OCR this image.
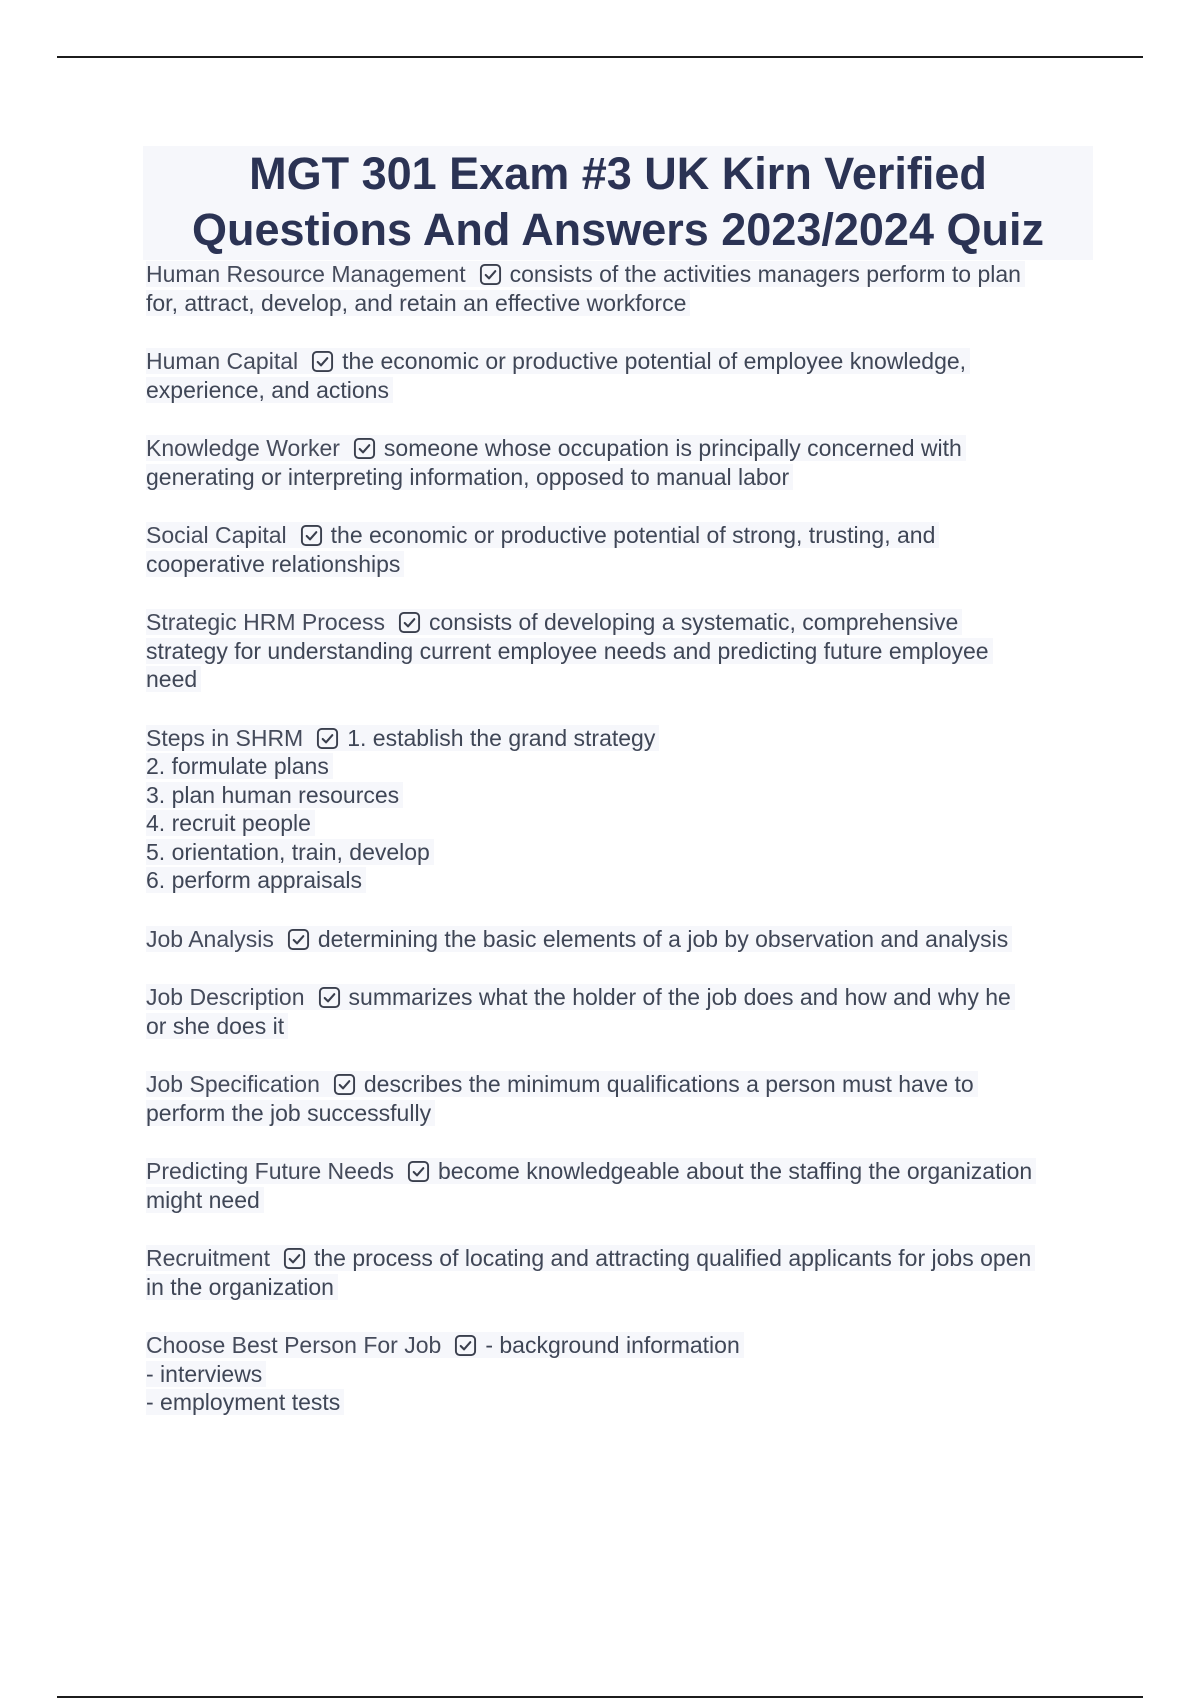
MGT 301 Exam #3 UK Kirn Verified
Questions And Answers 2023/2024 Quiz
Human Resource Management consists of the activities managers perform to plan
for, attract, develop, and retain an effective workforce
Human Capital the economic or productive potential of employee knowledge,
experience, and actions
Knowledge Worker someone whose occupation is principally concerned with
generating or interpreting information, opposed to manual labor
Social Capital the economic or productive potential of strong, trusting, and
cooperative relationships
Strategic HRM Process consists of developing a systematic, comprehensive
strategy for understanding current employee needs and predicting future employee
need
Steps in SHRM 1. establish the grand strategy
2. formulate plans
3. plan human resources
4. recruit people
5. orientation, train, develop
6. perform appraisals
Job Analysis determining the basic elements of a job by observation and analysis
Job Description summarizes what the holder of the job does and how and why he
or she does it
Job Specification describes the minimum qualifications a person must have to
perform the job successfully
Predicting Future Needs become knowledgeable about the staffing the organization
might need
Recruitment the process of locating and attracting qualified applicants for jobs open
in the organization
Choose Best Person For Job - background information
- interviews
- employment tests
